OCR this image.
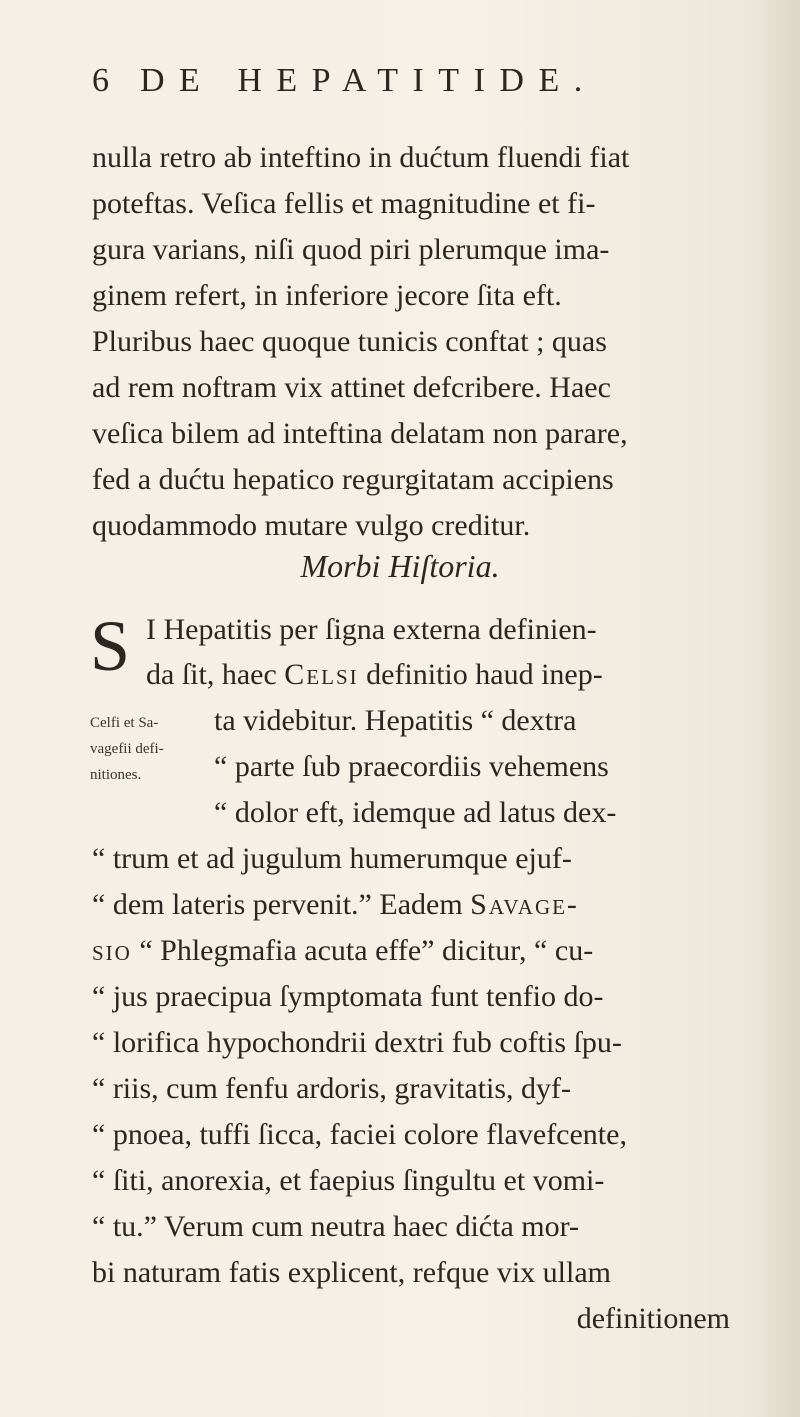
6 DE HEPATITIDE.
nulla retro ab inteftino in dućtum fluendi fiat
poteftas. Veſica fellis et magnitudine et fi-
gura varians, niſi quod piri plerumque ima-
ginem refert, in inferiore jecore ſita eft.
Pluribus haec quoque tunicis conftat ; quas
ad rem noftram vix attinet defcribere. Haec
veſica bilem ad inteftina delatam non parare,
fed a dućtu hepatico regurgitatam accipiens
quodammodo mutare vulgo creditur.
Morbi Hiſtoria.
S I Hepatitis per ſigna externa definien-
da ſit, haec Celsi definitio haud inep-
Celfi et Sa-
vagefii defi-
nitiones.
ta videbitur. Hepatitis “ dextra
“ parte ſub praecordiis vehemens
“ dolor eft, idemque ad latus dex-
“ trum et ad jugulum humerumque ejuf-
“ dem lateris pervenit.” Eadem Savage-
sio “ Phlegmafia acuta effe” dicitur, “ cu-
“ jus praecipua ſymptomata funt tenfio do-
“ lorifica hypochondrii dextri fub coftis ſpu-
“ riis, cum fenfu ardoris, gravitatis, dyf-
“ pnoea, tuffi ſicca, faciei colore flavefcente,
“ ſiti, anorexia, et faepius ſingultu et vomi-
“ tu.” Verum cum neutra haec dićta mor-
bi naturam fatis explicent, refque vix ullam
definitionem
